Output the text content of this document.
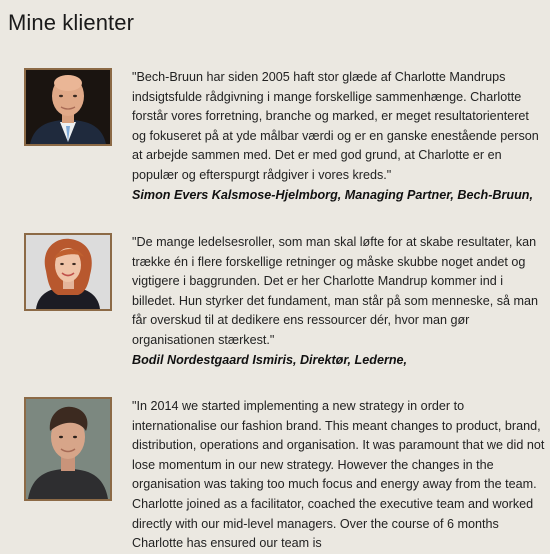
Mine klienter

"Bech-Bruun har siden 2005 haft stor glæde af Charlotte Mandrups indsigtsfulde rådgivning i mange forskellige sammenhænge. Charlotte forstår vores forretning, branche og marked, er meget resultatorienteret og fokuseret på at yde målbar værdi og er en ganske enestående person at arbejde sammen med. Det er med god grund, at Charlotte er en populær og efterspurgt rådgiver i vores kreds."
Simon Evers Kalsmose-Hjelmborg, Managing Partner, Bech-Bruun,

"De mange ledelsesroller, som man skal løfte for at skabe resultater, kan trække én i flere forskellige retninger og måske skubbe noget andet og vigtigere i baggrunden. Det er her Charlotte Mandrup kommer ind i billedet. Hun styrker det fundament, man står på som menneske, så man får overskud til at dedikere ens ressourcer dér, hvor man gør organisationen stærkest."
Bodil Nordestgaard Ismiris, Direktør, Lederne,

"In 2014 we started implementing a new strategy in order to internationalise our fashion brand. This meant changes to product, brand, distribution, operations and organisation. It was paramount that we did not lose momentum in our new strategy. However the changes in the organisation was taking too much focus and energy away from the team. Charlotte joined as a facilitator, coached the executive team and worked directly with our mid-level managers. Over the course of 6 months Charlotte has ensured our team is
